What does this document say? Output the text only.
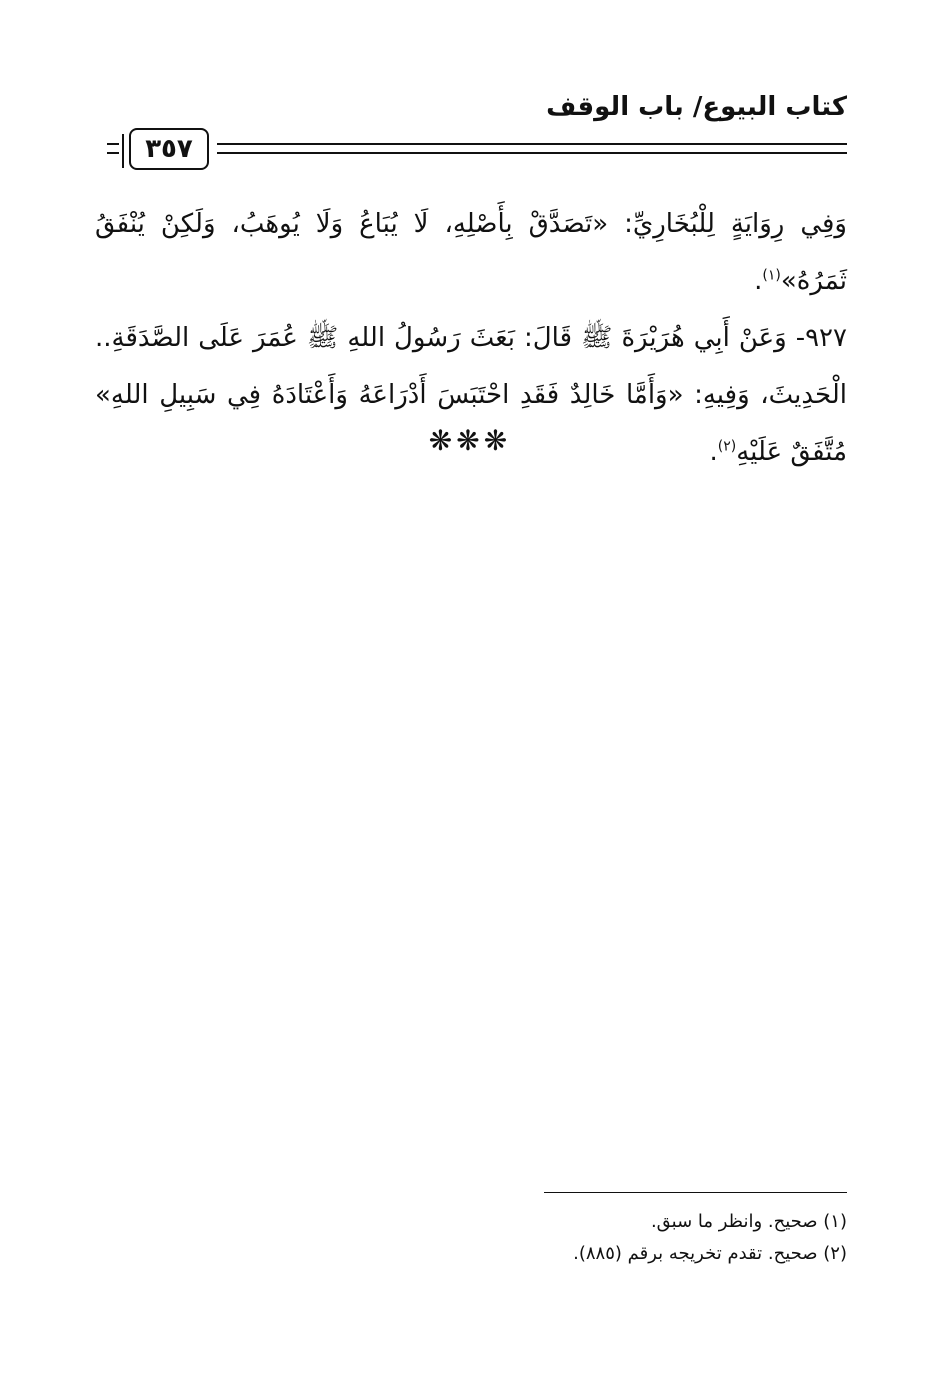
كتاب البيوع/ باب الوقف
٣٥٧

وَفِي رِوَايَةٍ لِلْبُخَارِيِّ: «تَصَدَّقْ بِأَصْلِهِ، لَا يُبَاعُ وَلَا يُوهَبُ، وَلَكِنْ يُنْفَقُ ثَمَرُهُ»$^{(١)}$.

٩٢٧- وَعَنْ أَبِي هُرَيْرَةَ ﷺ قَالَ: بَعَثَ رَسُولُ اللهِ ﷺ عُمَرَ عَلَى الصَّدَقَةِ.. الْحَدِيثَ، وَفِيهِ: «وَأَمَّا خَالِدٌ فَقَدِ احْتَبَسَ أَدْرَاعَهُ وَأَعْتَادَهُ فِي سَبِيلِ اللهِ» مُتَّفَقٌ عَلَيْهِ$^{(٢)}$.

❋❋❋

(١) صحيح. وانظر ما سبق.

(٢) صحيح. تقدم تخريجه برقم (٨٨٥).
